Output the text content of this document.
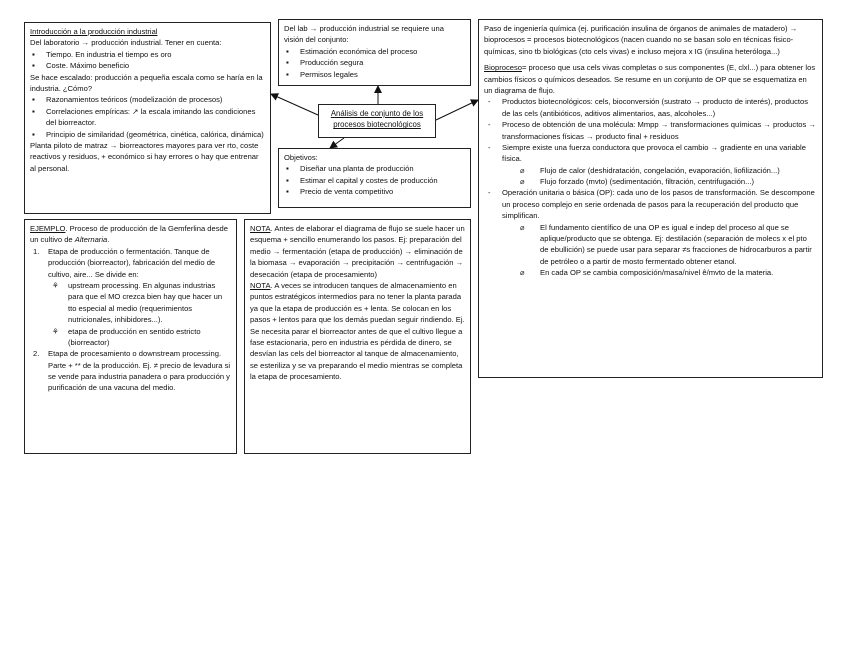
Introducción a la producción industrial

Del laboratorio → producción industrial. Tener en cuenta:

▪ Tiempo. En industria el tiempo es oro
▪ Coste. Máximo beneficio

Se hace escalado: producción a pequeña escala como se haría en la industria. ¿Cómo?

▪ Razonamientos teóricos (modelización de procesos)
▪ Correlaciones empíricas: ↗ la escala imitando las condiciones del biorreactor.
▪ Principio de similaridad (geométrica, cinética, calórica, dinámica)

Planta piloto de matraz → biorreactores mayores para ver rto, coste reactivos y residuos, + económico si hay errores o hay que entrenar al personal.

Del lab → producción industrial se requiere una visión del conjunto:

▪ Estimación económica del proceso
▪ Producción segura
▪ Permisos legales
Análisis de conjunto de los
procesos biotecnológicos

Objetivos:

▪ Diseñar una planta de producción
▪ Estimar el capital y costes de producción
▪ Precio de venta competitivo

Paso de ingeniería química (ej. purificación insulina de órganos de animales de matadero) → bioprocesos = procesos biotecnológicos (nacen cuando no se basan solo en técnicas fisico-químicas, sino tb biológicas (cto cels vivas) e incluso mejora x IG (insulina heteróloga...)

Bioproceso= proceso que usa cels vivas completas o sus componentes (E, clxl...) para obtener los cambios físicos o químicos deseados. Se resume en un conjunto de OP que se esquematiza en un diagrama de flujo.

- Productos biotecnológicos: cels, bioconversión (sustrato → producto de interés), productos de las cels (antibióticos, aditivos alimentarios, aas, alcoholes...)
- Proceso de obtención de una molécula: Mmpp → transformaciones químicas → productos → transformaciones físicas → producto final + residuos
- Siempre existe una fuerza conductora que provoca el cambio → gradiente en una variable física.
⌀ Flujo de calor (deshidratación, congelación, evaporación, liofilización...)
⌀ Flujo forzado (mvto) (sedimentación, filtración, centrifugación...)
- Operación unitaria o básica (OP): cada uno de los pasos de transformación. Se descompone un proceso complejo en serie ordenada de pasos para la recuperación del producto que simplifican.
⌀ El fundamento científico de una OP es igual e indep del proceso al que se aplique/producto que se obtenga. Ej: destilación (separación de molecs x el pto de ebullición) se puede usar para separar ≠s fracciones de hidrocarburos a partir de petróleo o a partir de mosto fermentado obtener etanol.
⌀ En cada OP se cambia composición/masa/nivel ê/mvto de la materia.

EJEMPLO. Proceso de producción de la Gemferlina desde un cultivo de Alternaria.

1. Etapa de producción o fermentación. Tanque de producción (biorreactor), fabricación del medio de cultivo, aire... Se divide en:
⚘ upstream processing. En algunas industrias para que el MO crezca bien hay que hacer un tto especial al medio (requerimientos nutricionales, inhibidores...).
⚘ etapa de producción en sentido estricto (biorreactor)
2. Etapa de procesamiento o downstream processing. Parte + ** de la producción. Ej. ≠ precio de levadura si se vende para industria panadera o para producción y purificación de una vacuna del medio.

NOTA. Antes de elaborar el diagrama de flujo se suele hacer un esquema + sencillo enumerando los pasos. Ej: preparación del medio → fermentación (etapa de producción) → eliminación de la biomasa → evaporación → precipitación → centrifugación → desecación (etapa de procesamiento)

NOTA. A veces se introducen tanques de almacenamiento en puntos estratégicos intermedios para no tener la planta parada ya que la etapa de producción es + lenta. Se colocan en los pasos + lentos para que los demás puedan seguir rindiendo. Ej. Se necesita parar el biorreactor antes de que el cultivo llegue a fase estacionaria, pero en industria es pérdida de dinero, se desvían las cels del biorreactor al tanque de almacenamiento, se esteriliza y se va preparando el medio mientras se completa la etapa de procesamiento.
